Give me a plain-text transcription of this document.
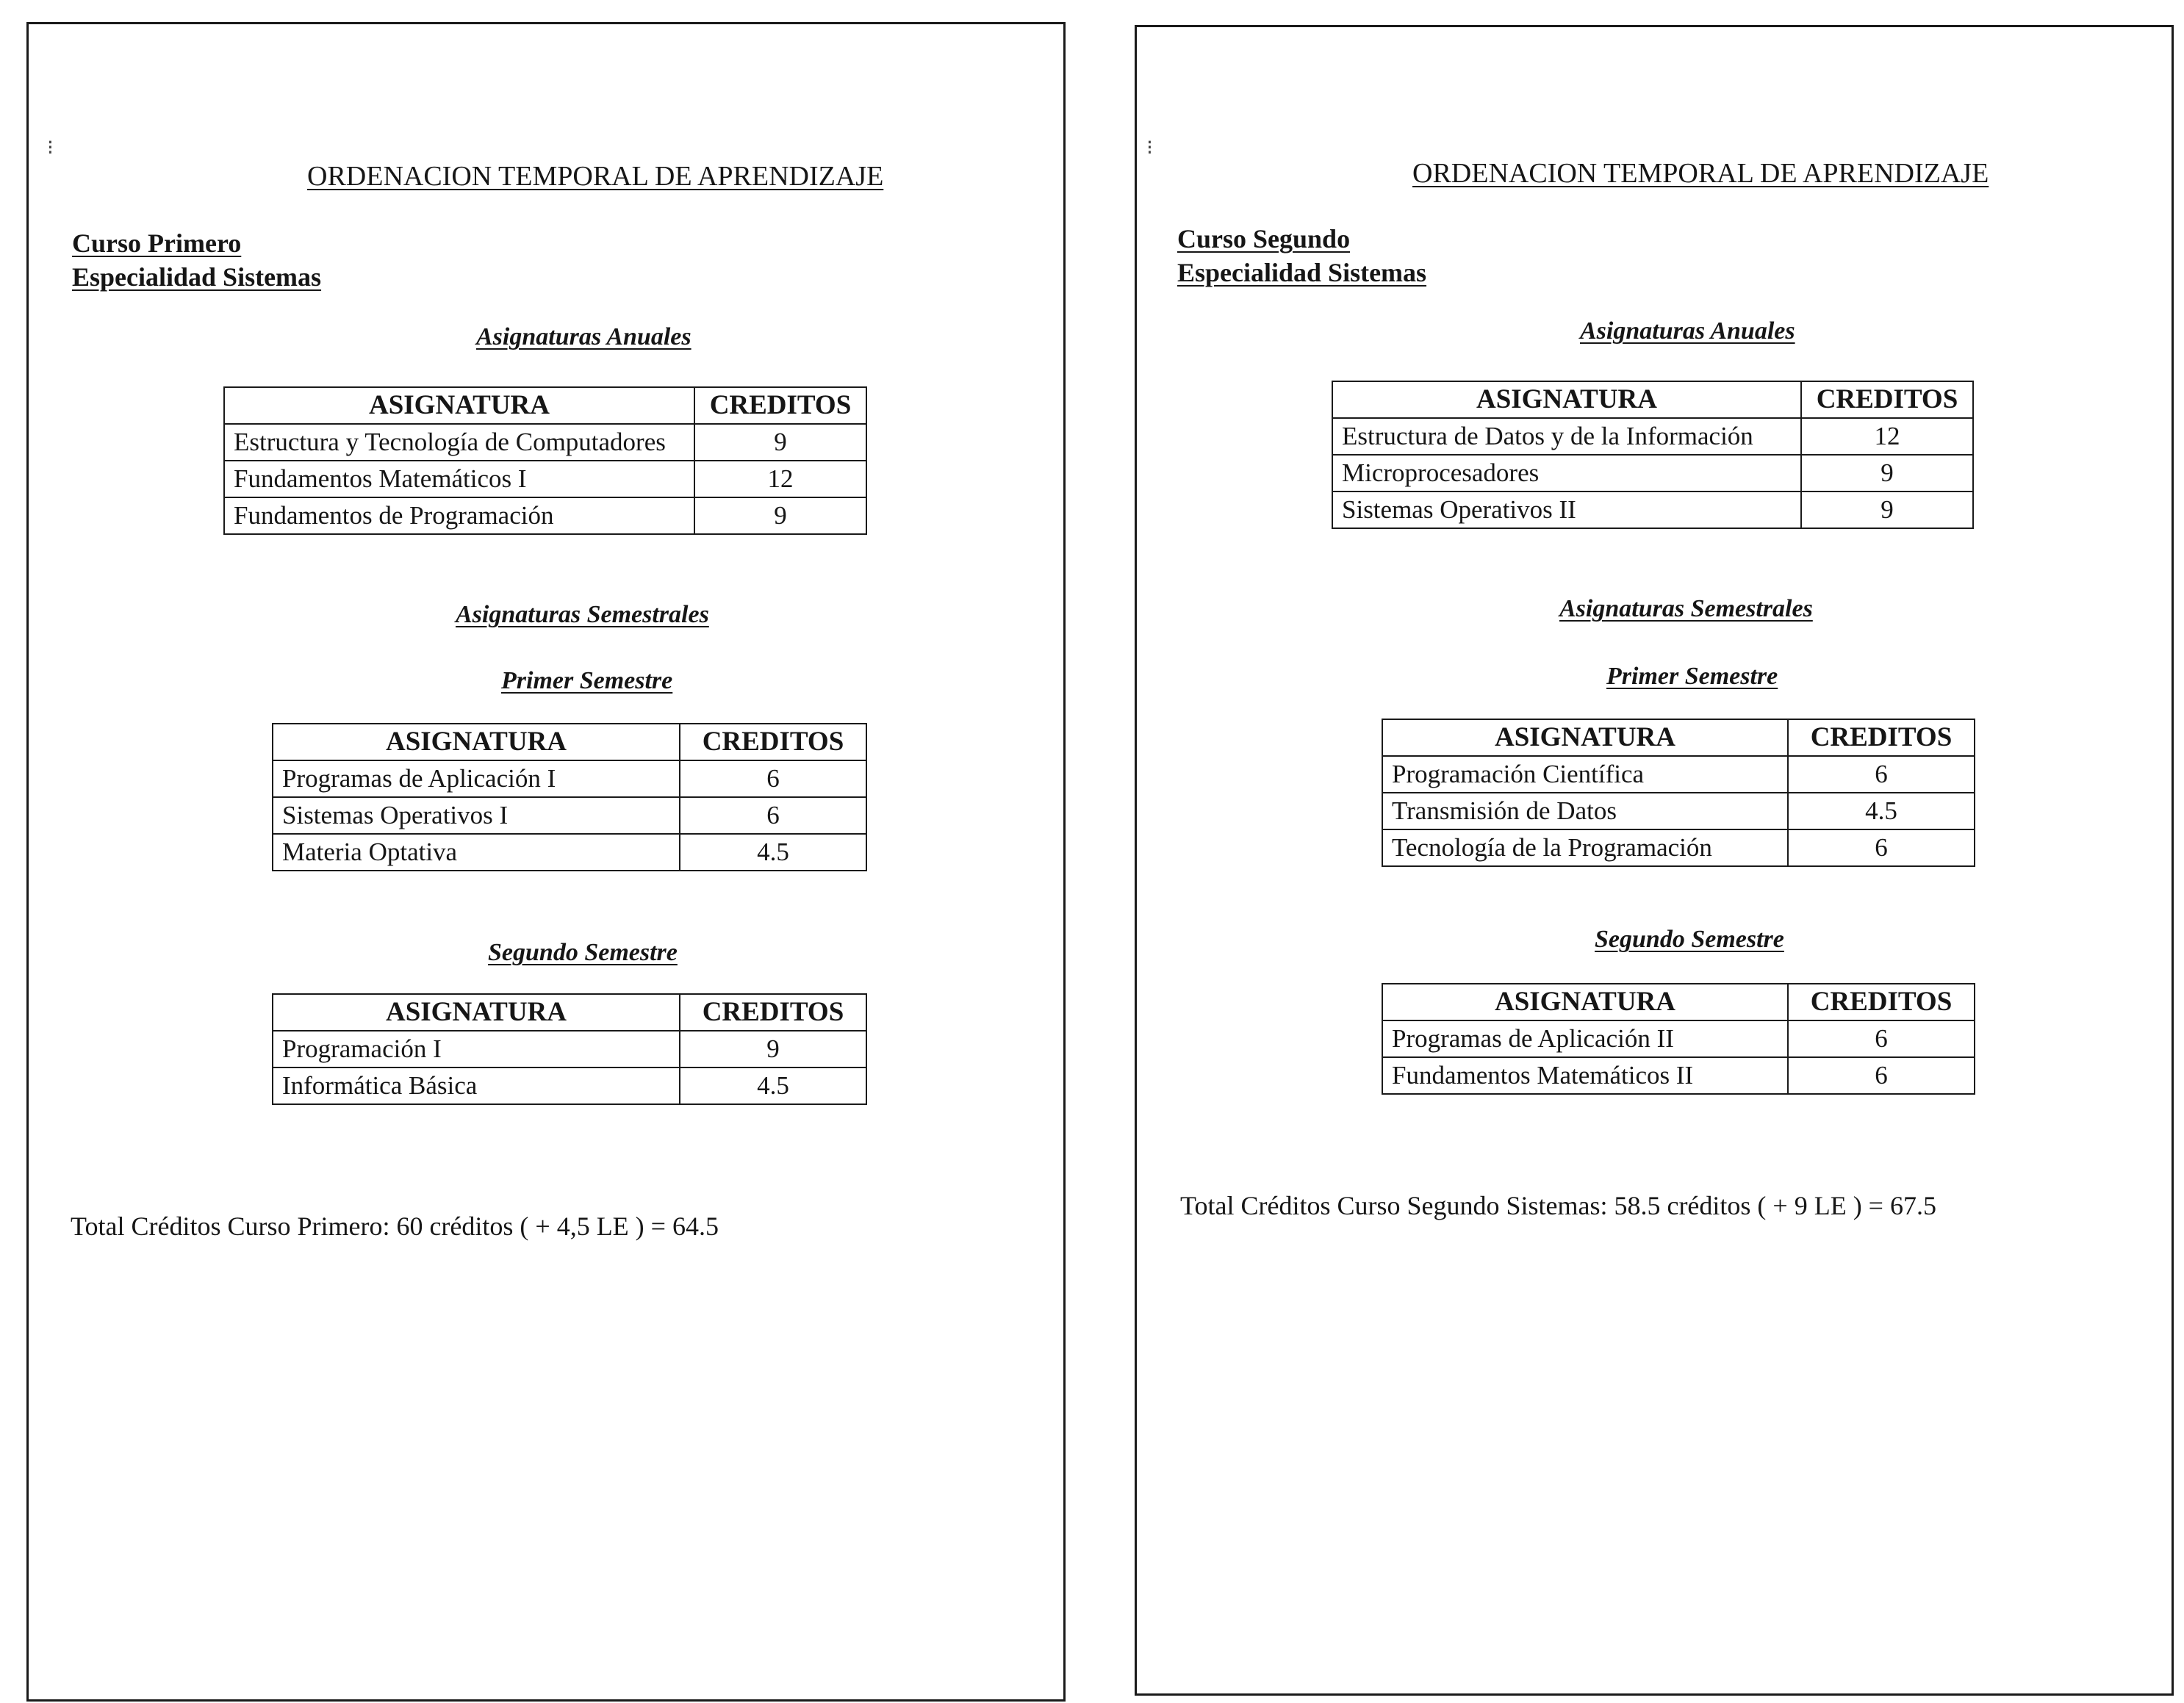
⁝
ORDENACION TEMPORAL DE APRENDIZAJE
Curso Primero
Especialidad Sistemas
Asignaturas Anuales
ASIGNATURA	CREDITOS
Estructura y Tecnología de Computadores	9
Fundamentos Matemáticos I	12
Fundamentos de Programación	9
Asignaturas Semestrales
Primer Semestre
ASIGNATURA	CREDITOS
Programas de Aplicación I	6
Sistemas Operativos I	6
Materia Optativa	4.5
Segundo Semestre
ASIGNATURA	CREDITOS
Programación I	9
Informática Básica	4.5
Total Créditos Curso Primero: 60 créditos ( + 4,5 LE ) = 64.5
⁝
ORDENACION TEMPORAL DE APRENDIZAJE
Curso Segundo
Especialidad Sistemas
Asignaturas Anuales
ASIGNATURA	CREDITOS
Estructura de Datos y de la Información	12
Microprocesadores	9
Sistemas Operativos II	9
Asignaturas Semestrales
Primer Semestre
ASIGNATURA	CREDITOS
Programación Científica	6
Transmisión de Datos	4.5
Tecnología de la Programación	6
Segundo Semestre
ASIGNATURA	CREDITOS
Programas de Aplicación II	6
Fundamentos Matemáticos II	6
Total Créditos Curso Segundo Sistemas: 58.5 créditos ( + 9 LE ) = 67.5
